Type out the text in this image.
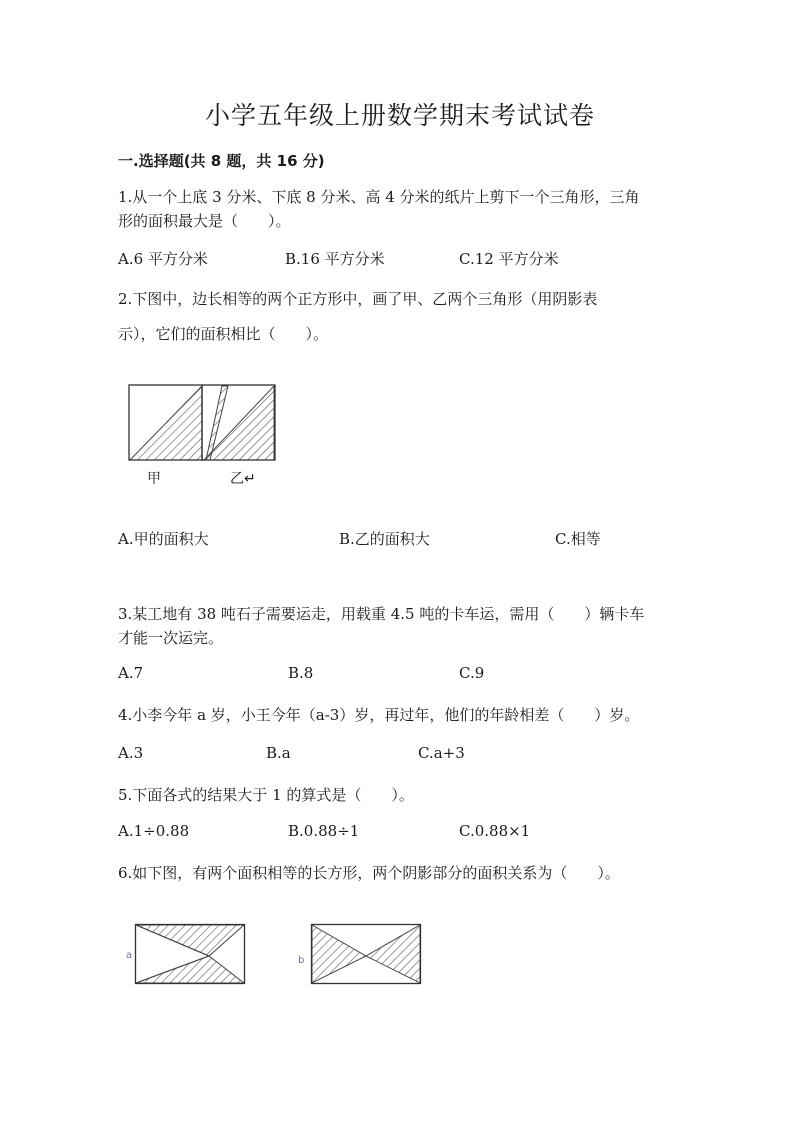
小学五年级上册数学期末考试试卷
一.选择题(共 8 题，共 16 分)
1.从一个上底 3 分米、下底 8 分米、高 4 分米的纸片上剪下一个三角形，三角
形的面积最大是（　　）。
A.6 平方分米	B.16 平方分米	C.12 平方分米
2.下图中，边长相等的两个正方形中，画了甲、乙两个三角形（用阴影表
示），它们的面积相比（　　）。
甲	乙↵
A.甲的面积大	B.乙的面积大	C.相等
3.某工地有 38 吨石子需要运走，用载重 4.5 吨的卡车运，需用（　　）辆卡车
才能一次运完。
A.7	B.8	C.9
4.小李今年 a 岁，小王今年（a-3）岁，再过年，他们的年龄相差（　　）岁。
A.3	B.a	C.a+3
5.下面各式的结果大于 1 的算式是（　　）。
A.1÷0.88	B.0.88÷1	C.0.88×1
6.如下图，有两个面积相等的长方形，两个阴影部分的面积关系为（　　）。
a	b
